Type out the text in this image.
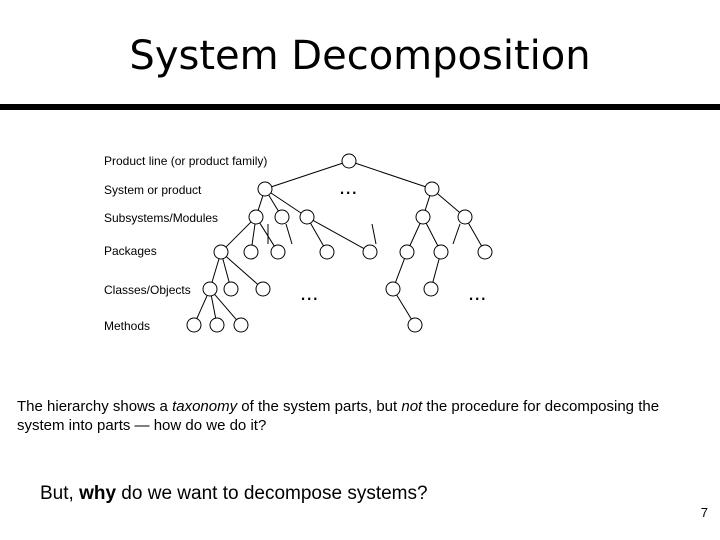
System Decomposition
Product line (or product family)
System or product
Subsystems/Modules
Packages
Classes/Objects
Methods
...
...	...
The hierarchy shows a taxonomy of the system parts, but not the procedure for decomposing the system into parts — how do we do it?
But, why do we want to decompose systems?
7
